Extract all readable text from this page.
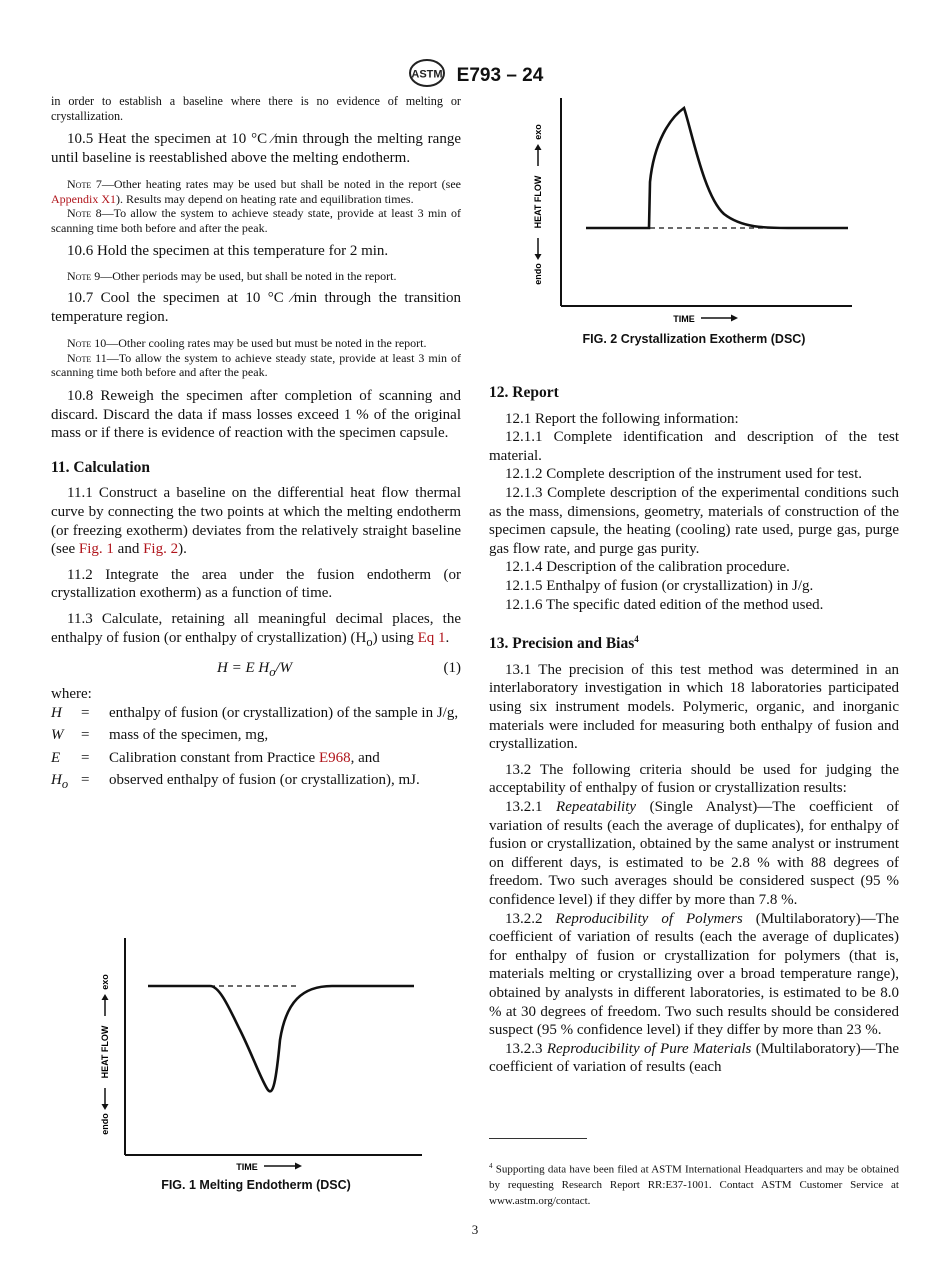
ASTM E793 – 24

in order to establish a baseline where there is no evidence of melting or crystallization.

10.5 Heat the specimen at 10 °C ⁄min through the melting range until baseline is reestablished above the melting endotherm.

Note 7—Other heating rates may be used but shall be noted in the report (see Appendix X1). Results may depend on heating rate and equilibration times.

Note 8—To allow the system to achieve steady state, provide at least 3 min of scanning time both before and after the peak.

10.6 Hold the specimen at this temperature for 2 min.

Note 9—Other periods may be used, but shall be noted in the report.

10.7 Cool the specimen at 10 °C ⁄min through the transition temperature region.

Note 10—Other cooling rates may be used but must be noted in the report.

Note 11—To allow the system to achieve steady state, provide at least 3 min of scanning time both before and after the peak.

10.8 Reweigh the specimen after completion of scanning and discard. Discard the data if mass losses exceed 1 % of the original mass or if there is evidence of reaction with the specimen capsule.

11. Calculation

11.1 Construct a baseline on the differential heat flow thermal curve by connecting the two points at which the melting endotherm (or freezing exotherm) deviates from the relatively straight baseline (see Fig. 1 and Fig. 2).

11.2 Integrate the area under the fusion endotherm (or crystallization exotherm) as a function of time.

11.3 Calculate, retaining all meaningful decimal places, the enthalpy of fusion (or enthalpy of crystallization) $(H_o)$ using Eq 1.

H = E $H_o/W$	(1)

where:

H	=	enthalpy of fusion (or crystallization) of the sample in J/g,
W	=	mass of the specimen, mg,
E	=	Calibration constant from Practice E968, and
$H_o$	=	observed enthalpy of fusion (or crystallization), mJ.
endo
HEAT FLOW
exo
TIME
FIG. 1 Melting Endotherm (DSC)
endo
HEAT FLOW
exo
TIME
FIG. 2 Crystallization Exotherm (DSC)

12. Report

12.1 Report the following information:

12.1.1 Complete identification and description of the test material.

12.1.2 Complete description of the instrument used for test.

12.1.3 Complete description of the experimental conditions such as the mass, dimensions, geometry, materials of construction of the specimen capsule, the heating (cooling) rate used, purge gas, purge gas flow rate, and purge gas purity.

12.1.4 Description of the calibration procedure.

12.1.5 Enthalpy of fusion (or crystallization) in J/g.

12.1.6 The specific dated edition of the method used.

13. Precision and Bias$^4$

13.1 The precision of this test method was determined in an interlaboratory investigation in which 18 laboratories participated using six instrument models. Polymeric, organic, and inorganic materials were included for measuring both enthalpy of fusion and crystallization.

13.2 The following criteria should be used for judging the acceptability of enthalpy of fusion or crystallization results:

13.2.1 Repeatability (Single Analyst)—The coefficient of variation of results (each the average of duplicates), for enthalpy of fusion or crystallization, obtained by the same analyst or instrument on different days, is estimated to be 2.8 % with 88 degrees of freedom. Two such averages should be considered suspect (95 % confidence level) if they differ by more than 7.8 %.

13.2.2 Reproducibility of Polymers (Multilaboratory)—The coefficient of variation of results (each the average of duplicates) for enthalpy of fusion or crystallization for polymers (that is, materials melting or crystallizing over a broad temperature range), obtained by analysts in different laboratories, is estimated to be 8.0 % at 30 degrees of freedom. Two such results should be considered suspect (95 % confidence level) if they differ by more than 23 %.

13.2.3 Reproducibility of Pure Materials (Multilaboratory)—The coefficient of variation of results (each

$^4$ Supporting data have been filed at ASTM International Headquarters and may be obtained by requesting Research Report RR:E37-1001. Contact ASTM Customer Service at www.astm.org/contact.

3
